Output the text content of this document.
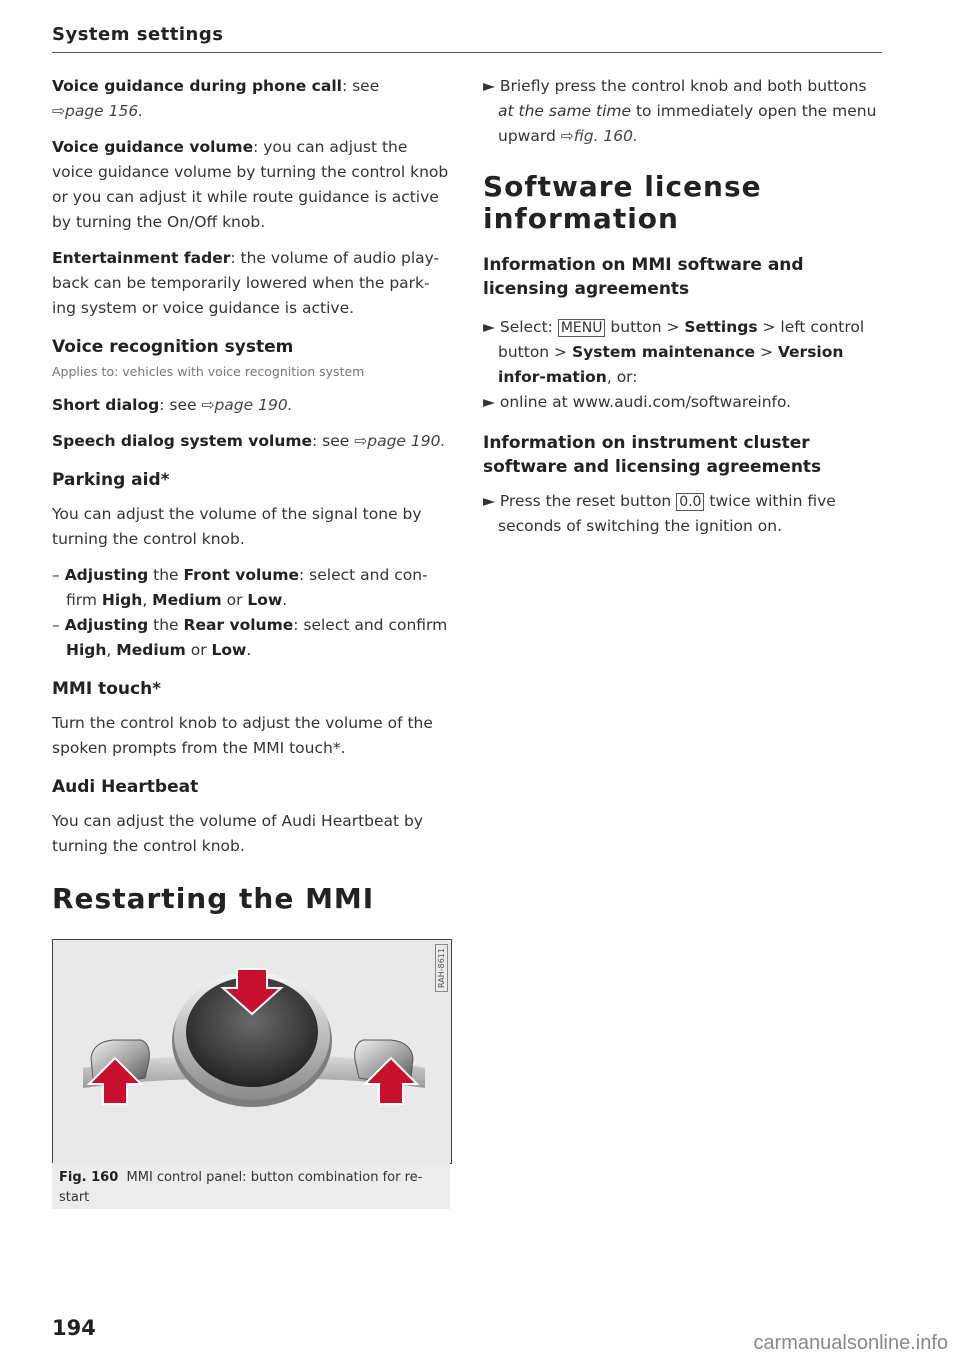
System settings

Voice guidance during phone call: see
⇨page 156.

Voice guidance volume: you can adjust the voice guidance volume by turning the control knob or you can adjust it while route guidance is active by turning the On/Off knob.

Entertainment fader: the volume of audio play-back can be temporarily lowered when the park-ing system or voice guidance is active.

Voice recognition system
Applies to: vehicles with voice recognition system

Short dialog: see ⇨page 190.

Speech dialog system volume: see ⇨page 190.

Parking aid*

You can adjust the volume of the signal tone by turning the control knob.

– Adjusting the Front volume: select and con-firm High, Medium or Low.

– Adjusting the Rear volume: select and confirm High, Medium or Low.

MMI touch*

Turn the control knob to adjust the volume of the spoken prompts from the MMI touch*.

Audi Heartbeat

You can adjust the volume of Audi Heartbeat by turning the control knob.

Restarting the MMI
RAH-8611
Fig. 160 MMI control panel: button combination for re-start

► Briefly press the control knob and both buttons at the same time to immediately open the menu upward ⇨fig. 160.

Software license information
Information on MMI software and licensing agreements

► Select: MENU button > Settings > left control button > System maintenance > Version infor-mation, or:

► online at www.audi.com/softwareinfo.

Information on instrument cluster software and licensing agreements

► Press the reset button 0.0 twice within five seconds of switching the ignition on.

194
carmanualsonline.info
